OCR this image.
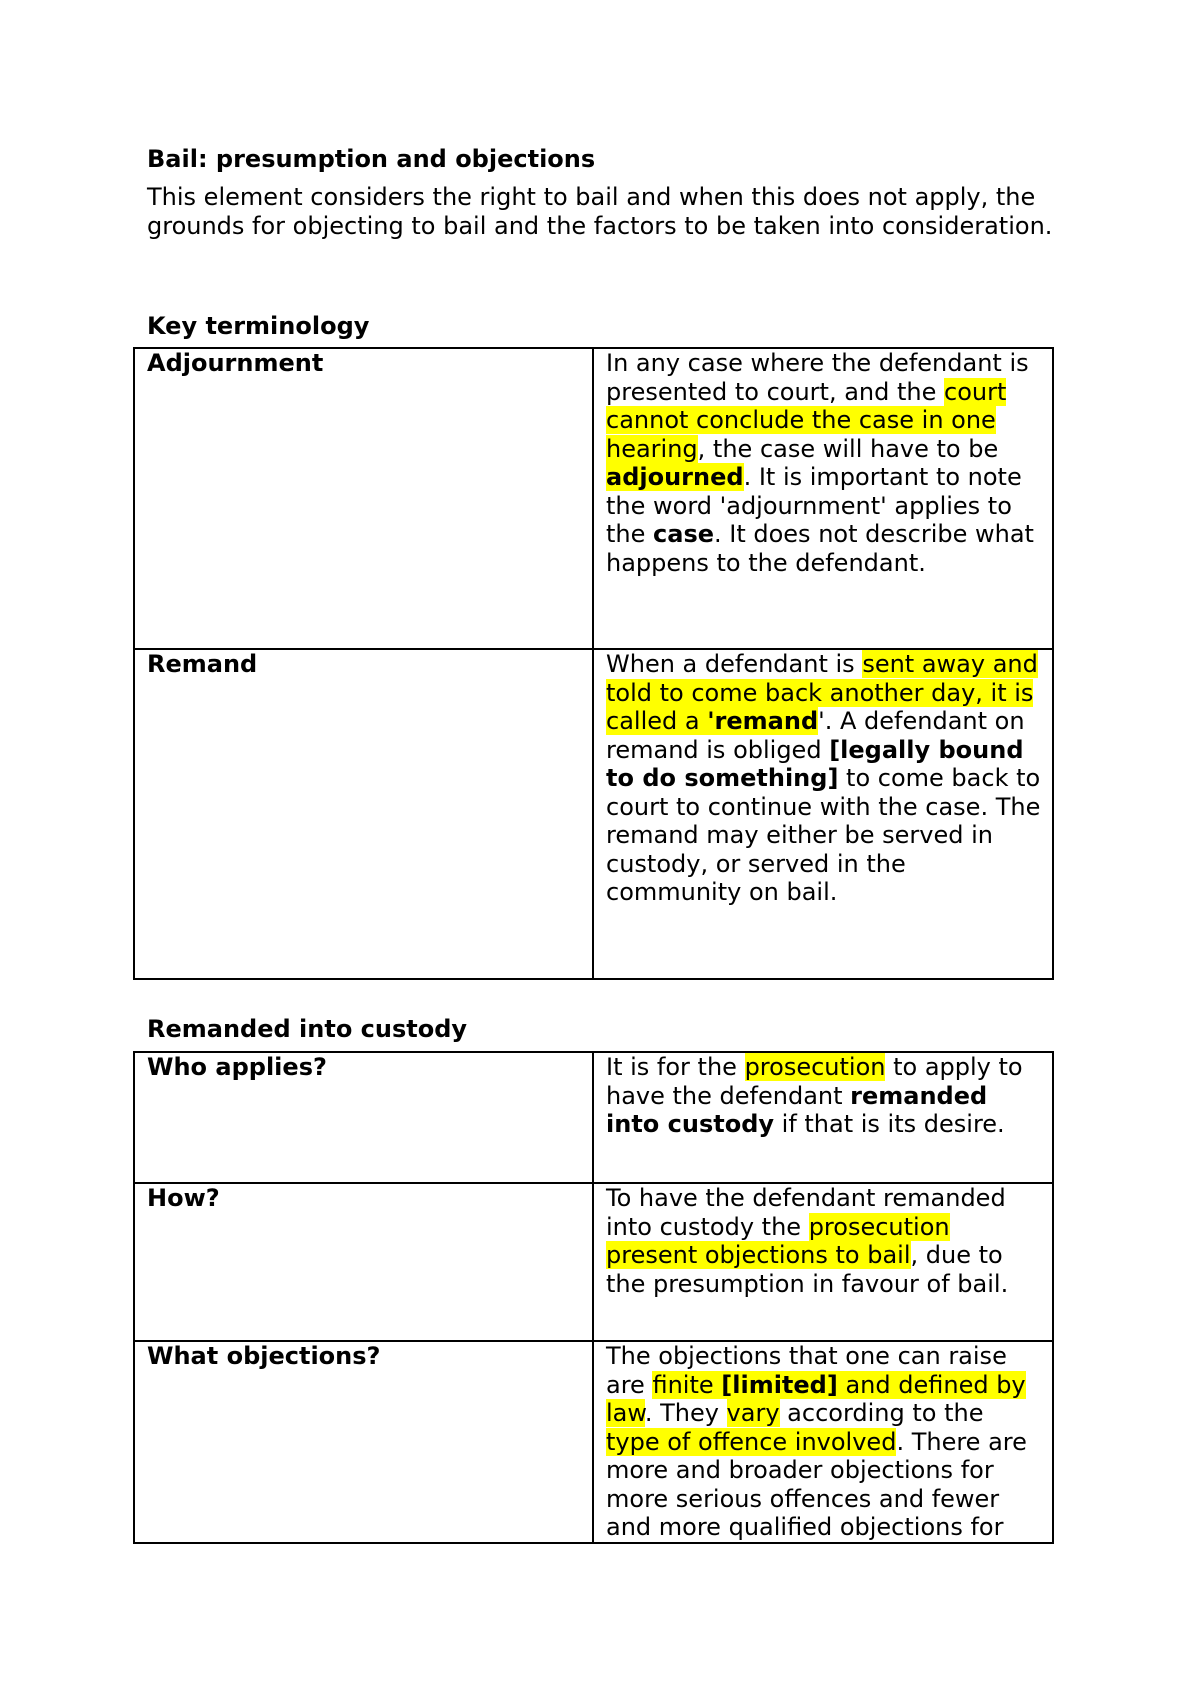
Bail: presumption and objections

This element considers the right to bail and when this does not apply, the grounds for objecting to bail and the factors to be taken into consideration.

Key terminology
Adjournment	In any case where the defendant is presented to court, and the court cannot conclude the case in one hearing, the case will have to be adjourned. It is important to note the word 'adjournment' applies to the case. It does not describe what happens to the defendant.
Remand	When a defendant is sent away and told to come back another day, it is called a 'remand'. A defendant on remand is obliged [legally bound to do something] to come back to court to continue with the case. The remand may either be served in custody, or served in the community on bail.
Remanded into custody
Who applies?	It is for the prosecution to apply to have the defendant remanded into custody if that is its desire.
How?	To have the defendant remanded into custody the prosecution present objections to bail, due to the presumption in favour of bail.
What objections?	The objections that one can raise are finite [limited] and defined by law. They vary according to the type of offence involved. There are more and broader objections for more serious offences and fewer and more qualified objections for
